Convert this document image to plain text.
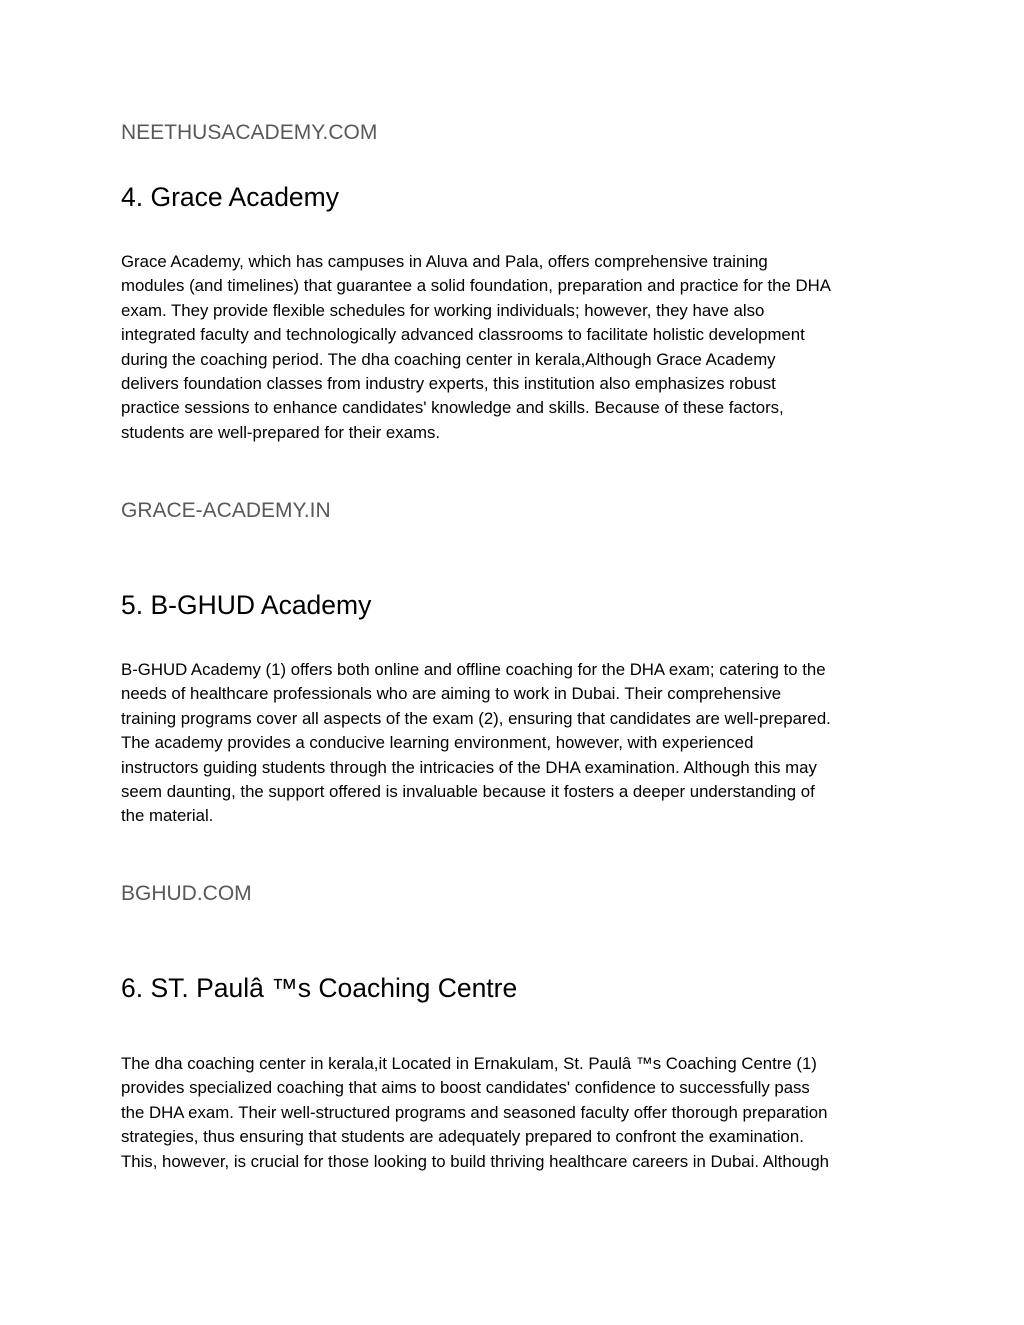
NEETHUSACADEMY.COM
4. Grace Academy

Grace Academy, which has campuses in Aluva and Pala, offers comprehensive training
modules (and timelines) that guarantee a solid foundation, preparation and practice for the DHA
exam. They provide flexible schedules for working individuals; however, they have also
integrated faculty and technologically advanced classrooms to facilitate holistic development
during the coaching period. The dha coaching center in kerala,Although Grace Academy
delivers foundation classes from industry experts, this institution also emphasizes robust
practice sessions to enhance candidates' knowledge and skills. Because of these factors,
students are well-prepared for their exams.

GRACE-ACADEMY.IN
5. B-GHUD Academy

B-GHUD Academy (1) offers both online and offline coaching for the DHA exam; catering to the
needs of healthcare professionals who are aiming to work in Dubai. Their comprehensive
training programs cover all aspects of the exam (2), ensuring that candidates are well-prepared.
The academy provides a conducive learning environment, however, with experienced
instructors guiding students through the intricacies of the DHA examination. Although this may
seem daunting, the support offered is invaluable because it fosters a deeper understanding of
the material.

BGHUD.COM
6. ST. Paulâ ™s Coaching Centre

The dha coaching center in kerala,it Located in Ernakulam, St. Paulâ ™s Coaching Centre (1)
provides specialized coaching that aims to boost candidates' confidence to successfully pass
the DHA exam. Their well-structured programs and seasoned faculty offer thorough preparation
strategies, thus ensuring that students are adequately prepared to confront the examination.
This, however, is crucial for those looking to build thriving healthcare careers in Dubai. Although
